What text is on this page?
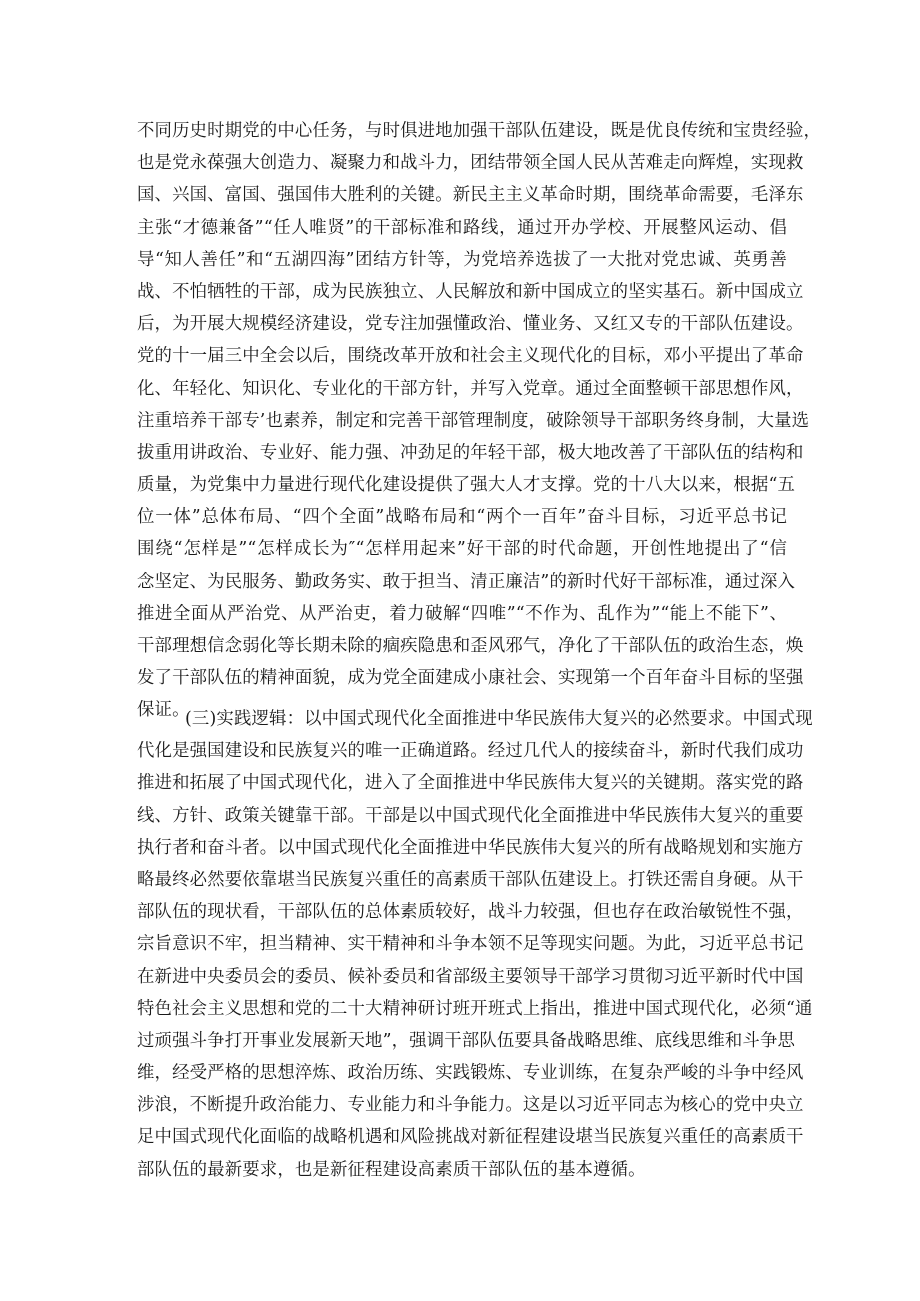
不同历史时期党的中心任务，与时俱进地加强干部队伍建设，既是优良传统和宝贵经验，
也是党永葆强大创造力、凝聚力和战斗力，团结带领全国人民从苦难走向辉煌，实现救
国、兴国、富国、强国伟大胜利的关键。新民主主义革命时期，围绕革命需要，毛泽东
主张“才德兼备”“任人唯贤”的干部标准和路线，通过开办学校、开展整风运动、倡
导“知人善任”和“五湖四海”团结方针等，为党培养选拔了一大批对党忠诚、英勇善
战、不怕牺牲的干部，成为民族独立、人民解放和新中国成立的坚实基石。新中国成立
后，为开展大规模经济建设，党专注加强懂政治、懂业务、又红又专的干部队伍建设。
党的十一届三中全会以后，围绕改革开放和社会主义现代化的目标，邓小平提出了革命
化、年轻化、知识化、专业化的干部方针，并写入党章。通过全面整顿干部思想作风，
注重培养干部专’也素养，制定和完善干部管理制度，破除领导干部职务终身制，大量选
拔重用讲政治、专业好、能力强、冲劲足的年轻干部，极大地改善了干部队伍的结构和
质量，为党集中力量进行现代化建设提供了强大人才支撑。党的十八大以来，根据“五
位一体”总体布局、“四个全面”战略布局和“两个一百年”奋斗目标，习近平总书记
围绕“怎样是”“怎样成长为″“怎样用起来”好干部的时代命题，开创性地提出了“信
念坚定、为民服务、勤政务实、敢于担当、清正廉洁”的新时代好干部标准，通过深入
推进全面从严治党、从严治吏，着力破解“四唯”“不作为、乱作为”“能上不能下”、
干部理想信念弱化等长期未除的痼疾隐患和歪风邪气，净化了干部队伍的政治生态，焕
发了干部队伍的精神面貌，成为党全面建成小康社会、实现第一个百年奋斗目标的坚强
保证。
(三)实践逻辑：以中国式现代化全面推进中华民族伟大复兴的必然要求。中国式现
代化是强国建设和民族复兴的唯一正确道路。经过几代人的接续奋斗，新时代我们成功
推进和拓展了中国式现代化，进入了全面推进中华民族伟大复兴的关键期。落实党的路
线、方针、政策关键靠干部。干部是以中国式现代化全面推进中华民族伟大复兴的重要
执行者和奋斗者。以中国式现代化全面推进中华民族伟大复兴的所有战略规划和实施方
略最终必然要依靠堪当民族复兴重任的高素质干部队伍建设上。打铁还需自身硬。从干
部队伍的现状看，干部队伍的总体素质较好，战斗力较强，但也存在政治敏锐性不强，
宗旨意识不牢，担当精神、实干精神和斗争本领不足等现实问题。为此，习近平总书记
在新进中央委员会的委员、候补委员和省部级主要领导干部学习贯彻习近平新时代中国
特色社会主义思想和党的二十大精神研讨班开班式上指出，推进中国式现代化，必须“通
过顽强斗争打开事业发展新天地”，强调干部队伍要具备战略思维、底线思维和斗争思
维，经受严格的思想淬炼、政治历练、实践锻炼、专业训练，在复杂严峻的斗争中经风
涉浪，不断提升政治能力、专业能力和斗争能力。这是以习近平同志为核心的党中央立
足中国式现代化面临的战略机遇和风险挑战对新征程建设堪当民族复兴重任的高素质干
部队伍的最新要求，也是新征程建设高素质干部队伍的基本遵循。
